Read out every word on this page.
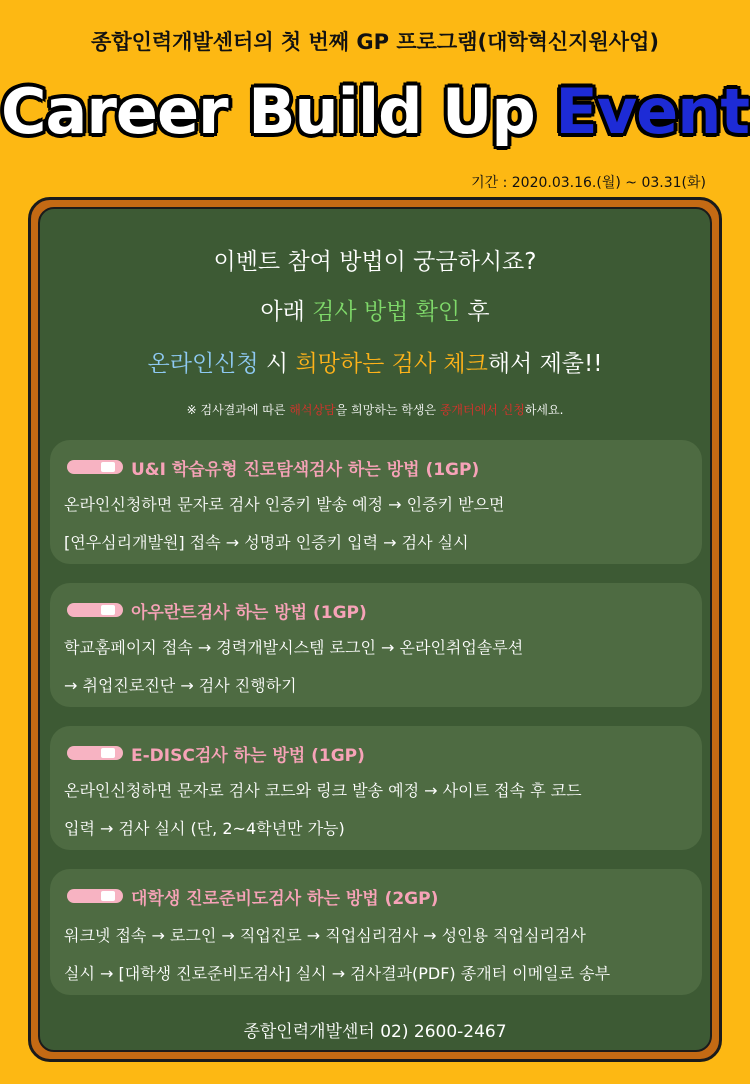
종합인력개발센터의 첫 번째 GP 프로그램(대학혁신지원사업)
Career Build Up Event
기간 : 2020.03.16.(월) ~ 03.31(화)
이벤트 참여 방법이 궁금하시죠?
아래 검사 방법 확인 후
온라인신청 시 희망하는 검사 체크해서 제출!!
※ 검사결과에 따른 해석상담을 희망하는 학생은 종개터에서 신청하세요.
U&I 학습유형 진로탐색검사 하는 방법 (1GP)
온라인신청하면 문자로 검사 인증키 발송 예정 → 인증키 받으면
[연우심리개발원] 접속 → 성명과 인증키 입력 → 검사 실시
아우란트검사 하는 방법 (1GP)
학교홈페이지 접속 → 경력개발시스템 로그인 → 온라인취업솔루션
→ 취업진로진단 → 검사 진행하기
E-DISC검사 하는 방법 (1GP)
온라인신청하면 문자로 검사 코드와 링크 발송 예정 → 사이트 접속 후 코드
입력 → 검사 실시 (단, 2~4학년만 가능)
대학생 진로준비도검사 하는 방법 (2GP)
워크넷 접속 → 로그인 → 직업진로 → 직업심리검사 → 성인용 직업심리검사
실시 → [대학생 진로준비도검사] 실시 → 검사결과(PDF) 종개터 이메일로 송부
종합인력개발센터 02) 2600-2467
